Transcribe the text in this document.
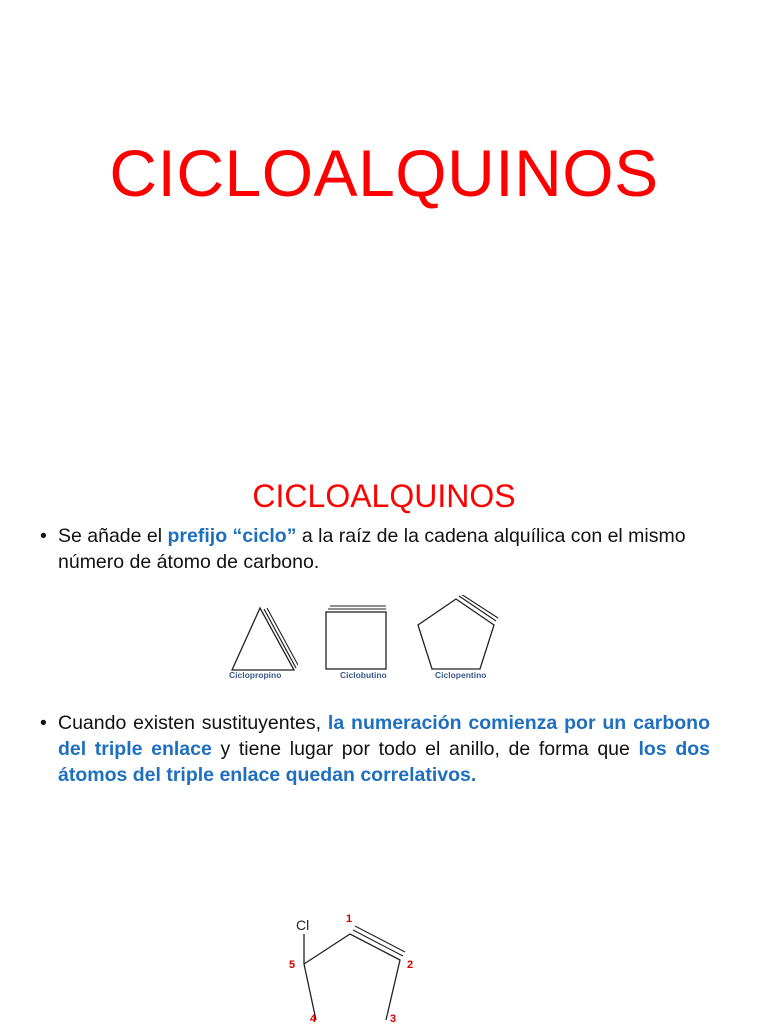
CICLOALQUINOS
CICLOALQUINOS
• Se añade el prefijo “ciclo” a la raíz de la cadena alquílica con el mismo número de átomo de carbono.
Ciclopropino	Ciclobutino	Ciclopentino
• Cuando existen sustituyentes, la numeración comienza por un carbono del triple enlace y tiene lugar por todo el anillo, de forma que los dos átomos del triple enlace quedan correlativos.
Cl	1
2
3
4
5
